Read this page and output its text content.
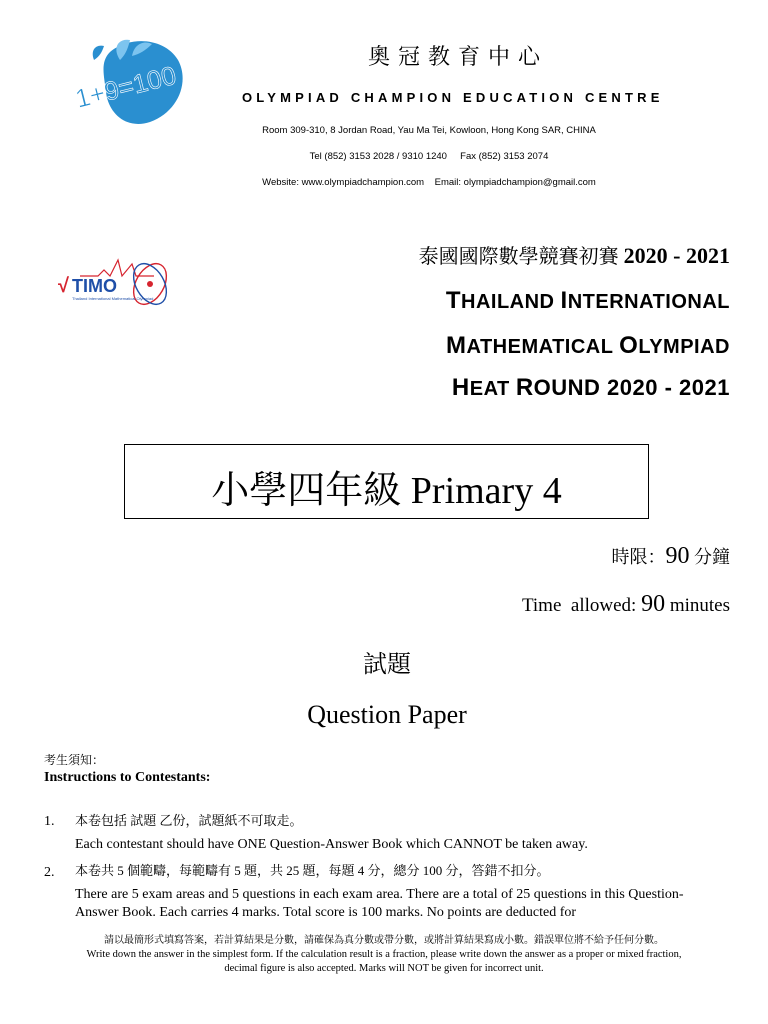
1+9=100
奧冠教育中心
OLYMPIAD CHAMPION EDUCATION CENTRE
Room 309-310, 8 Jordan Road, Yau Ma Tei, Kowloon, Hong Kong SAR, CHINA
Tel (852) 3153 2028 / 9310 1240     Fax (852) 3153 2074
Website: www.olympiadchampion.com    Email: olympiadchampion@gmail.com
√ TIMO
Thailand International Mathematical Olympiad
泰國國際數學競賽初賽 2020 - 2021
THAILAND INTERNATIONAL
MATHEMATICAL OLYMPIAD
HEAT ROUND 2020 - 2021
小學四年級 Primary 4
時限：90 分鐘
Time  allowed: 90 minutes
試題
Question Paper
考生須知：
Instructions to Contestants:
1. 本卷包括 試題 乙份，試題紙不可取走。
Each contestant should have ONE Question-Answer Book which CANNOT be taken away.
2. 本卷共 5 個範疇，每範疇有 5 題，共 25 題，每題 4 分，總分 100 分，答錯不扣分。
There are 5 exam areas and 5 questions in each exam area. There are a total of 25 questions in this Question-Answer Book. Each carries 4 marks. Total score is 100 marks. No points are deducted for
請以最簡形式填寫答案，若計算結果是分數，請確保為真分數或帶分數，或將計算結果寫成小數。錯誤單位將不給予任何分數。
Write down the answer in the simplest form. If the calculation result is a fraction, please write down the answer as a proper or mixed fraction,
decimal figure is also accepted. Marks will NOT be given for incorrect unit.
